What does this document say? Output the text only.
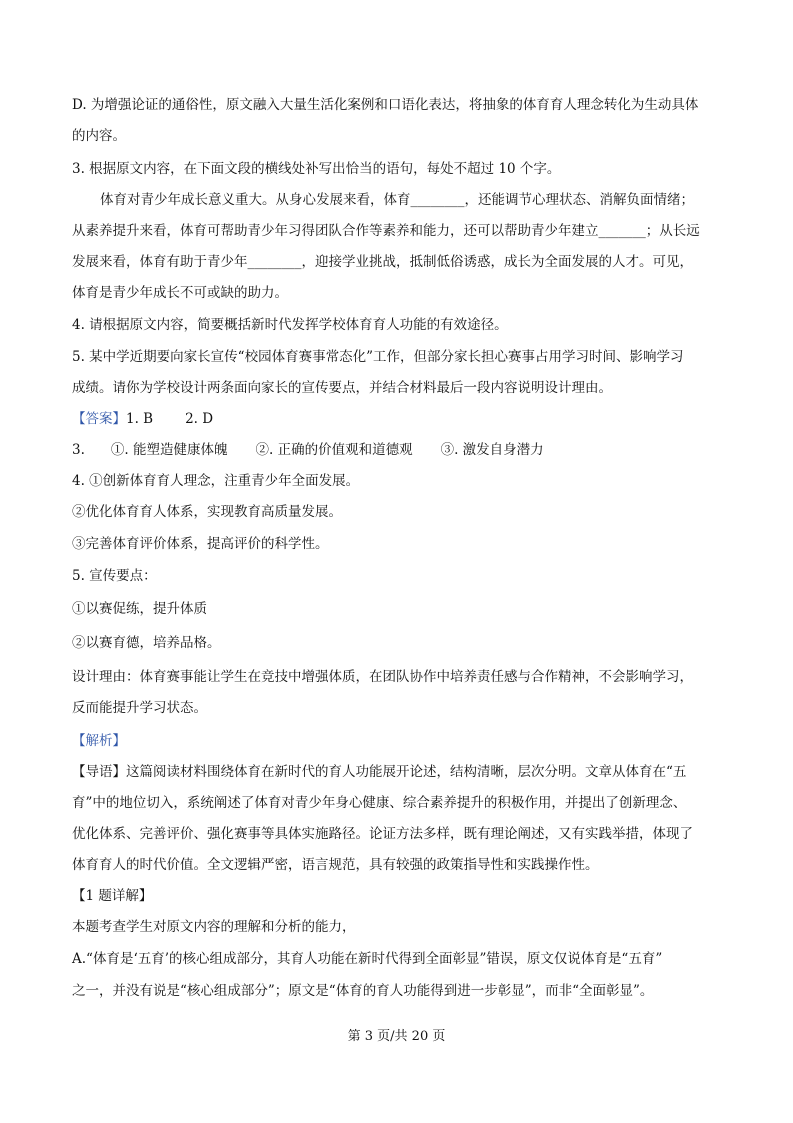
D. 为增强论证的通俗性，原文融入大量生活化案例和口语化表达，将抽象的体育育人理念转化为生动具体
的内容。
3. 根据原文内容，在下面文段的横线处补写出恰当的语句，每处不超过 10 个字。
体育对青少年成长意义重大。从身心发展来看，体育________，还能调节心理状态、消解负面情绪；
从素养提升来看，体育可帮助青少年习得团队合作等素养和能力，还可以帮助青少年建立_______；从长远
发展来看，体育有助于青少年________，迎接学业挑战，抵制低俗诱惑，成长为全面发展的人才。可见，
体育是青少年成长不可或缺的助力。
4. 请根据原文内容，简要概括新时代发挥学校体育育人功能的有效途径。
5. 某中学近期要向家长宣传“校园体育赛事常态化”工作，但部分家长担心赛事占用学习时间、影响学习
成绩。请你为学校设计两条面向家长的宣传要点，并结合材料最后一段内容说明设计理由。
【答案】1. B 2. D
3. ①. 能塑造健康体魄 ②. 正确的价值观和道德观 ③. 激发自身潜力
4. ①创新体育育人理念，注重青少年全面发展。
②优化体育育人体系，实现教育高质量发展。
③完善体育评价体系，提高评价的科学性。
5. 宣传要点：
①以赛促练，提升体质
②以赛育德，培养品格。
设计理由：体育赛事能让学生在竞技中增强体质，在团队协作中培养责任感与合作精神，不会影响学习，
反而能提升学习状态。
【解析】
【导语】这篇阅读材料围绕体育在新时代的育人功能展开论述，结构清晰，层次分明。文章从体育在“五
育”中的地位切入，系统阐述了体育对青少年身心健康、综合素养提升的积极作用，并提出了创新理念、
优化体系、完善评价、强化赛事等具体实施路径。论证方法多样，既有理论阐述，又有实践举措，体现了
体育育人的时代价值。全文逻辑严密，语言规范，具有较强的政策指导性和实践操作性。
【1 题详解】
本题考查学生对原文内容的理解和分析的能力，
A.“体育是‘五育’的核心组成部分，其育人功能在新时代得到全面彰显”错误，原文仅说体育是“五育”
之一，并没有说是“核心组成部分”；原文是“体育的育人功能得到进一步彰显”，而非“全面彰显”。
第 3 页/共 20 页
